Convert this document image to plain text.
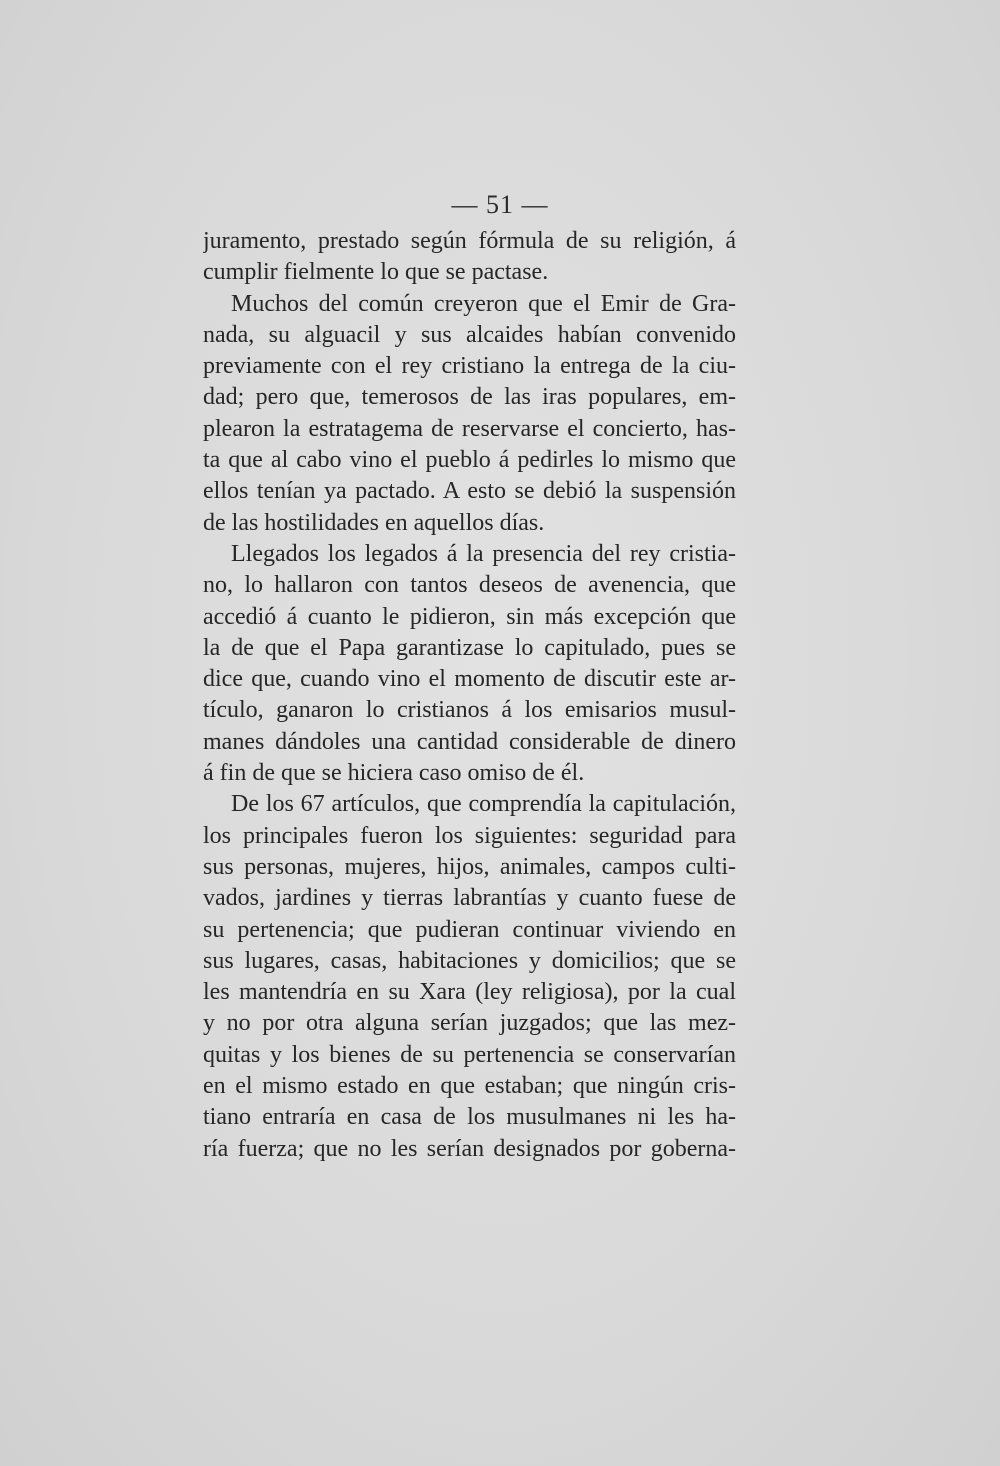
— 51 —
juramento, prestado según fórmula de su religión, á
cumplir fielmente lo que se pactase.
Muchos del común creyeron que el Emir de Gra-
nada, su alguacil y sus alcaides habían convenido
previamente con el rey cristiano la entrega de la ciu-
dad; pero que, temerosos de las iras populares, em-
plearon la estratagema de reservarse el concierto, has-
ta que al cabo vino el pueblo á pedirles lo mismo que
ellos tenían ya pactado. A esto se debió la suspensión
de las hostilidades en aquellos días.
Llegados los legados á la presencia del rey cristia-
no, lo hallaron con tantos deseos de avenencia, que
accedió á cuanto le pidieron, sin más excepción que
la de que el Papa garantizase lo capitulado, pues se
dice que, cuando vino el momento de discutir este ar-
tículo, ganaron lo cristianos á los emisarios musul-
manes dándoles una cantidad considerable de dinero
á fin de que se hiciera caso omiso de él.
De los 67 artículos, que comprendía la capitulación,
los principales fueron los siguientes: seguridad para
sus personas, mujeres, hijos, animales, campos culti-
vados, jardines y tierras labrantías y cuanto fuese de
su pertenencia; que pudieran continuar viviendo en
sus lugares, casas, habitaciones y domicilios; que se
les mantendría en su Xara (ley religiosa), por la cual
y no por otra alguna serían juzgados; que las mez-
quitas y los bienes de su pertenencia se conservarían
en el mismo estado en que estaban; que ningún cris-
tiano entraría en casa de los musulmanes ni les ha-
ría fuerza; que no les serían designados por goberna-
